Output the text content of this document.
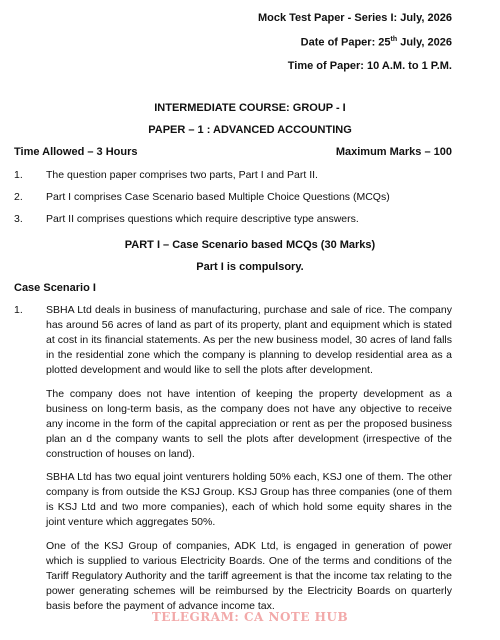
Mock Test Paper - Series I: July, 2026
Date of Paper: 25th July, 2026
Time of Paper: 10 A.M. to 1 P.M.
INTERMEDIATE COURSE: GROUP - I
PAPER – 1 : ADVANCED ACCOUNTING
Time Allowed – 3 Hours	Maximum Marks – 100
1. The question paper comprises two parts, Part I and Part II.
2. Part I comprises Case Scenario based Multiple Choice Questions (MCQs)
3. Part II comprises questions which require descriptive type answers.
PART I – Case Scenario based MCQs (30 Marks)
Part I is compulsory.
Case Scenario I
1. SBHA Ltd deals in business of manufacturing, purchase and sale of rice. The company has around 56 acres of land as part of its property, plant and equipment which is stated at cost in its financial statements. As per the new business model, 30 acres of land falls in the residential zone which the company is planning to develop residential area as a plotted development and would like to sell the plots after development.
The company does not have intention of keeping the property development as a business on long-term basis, as the company does not have any objective to receive any income in the form of the capital appreciation or rent as per the proposed business plan an d the company wants to sell the plots after development (irrespective of the construction of houses on land).
SBHA Ltd has two equal joint venturers holding 50% each, KSJ one of them. The other company is from outside the KSJ Group. KSJ Group has three companies (one of them is KSJ Ltd and two more companies), each of which hold some equity shares in the joint venture which aggregates 50%.
One of the KSJ Group of companies, ADK Ltd, is engaged in generation of power which is supplied to various Electricity Boards. One of the terms and conditions of the Tariff Regulatory Authority and the tariff agreement is that the income tax relating to the power generating schemes will be reimbursed by the Electricity Boards on quarterly basis before the payment of advance income tax.
TELEGRAM: CA NOTE HUB
